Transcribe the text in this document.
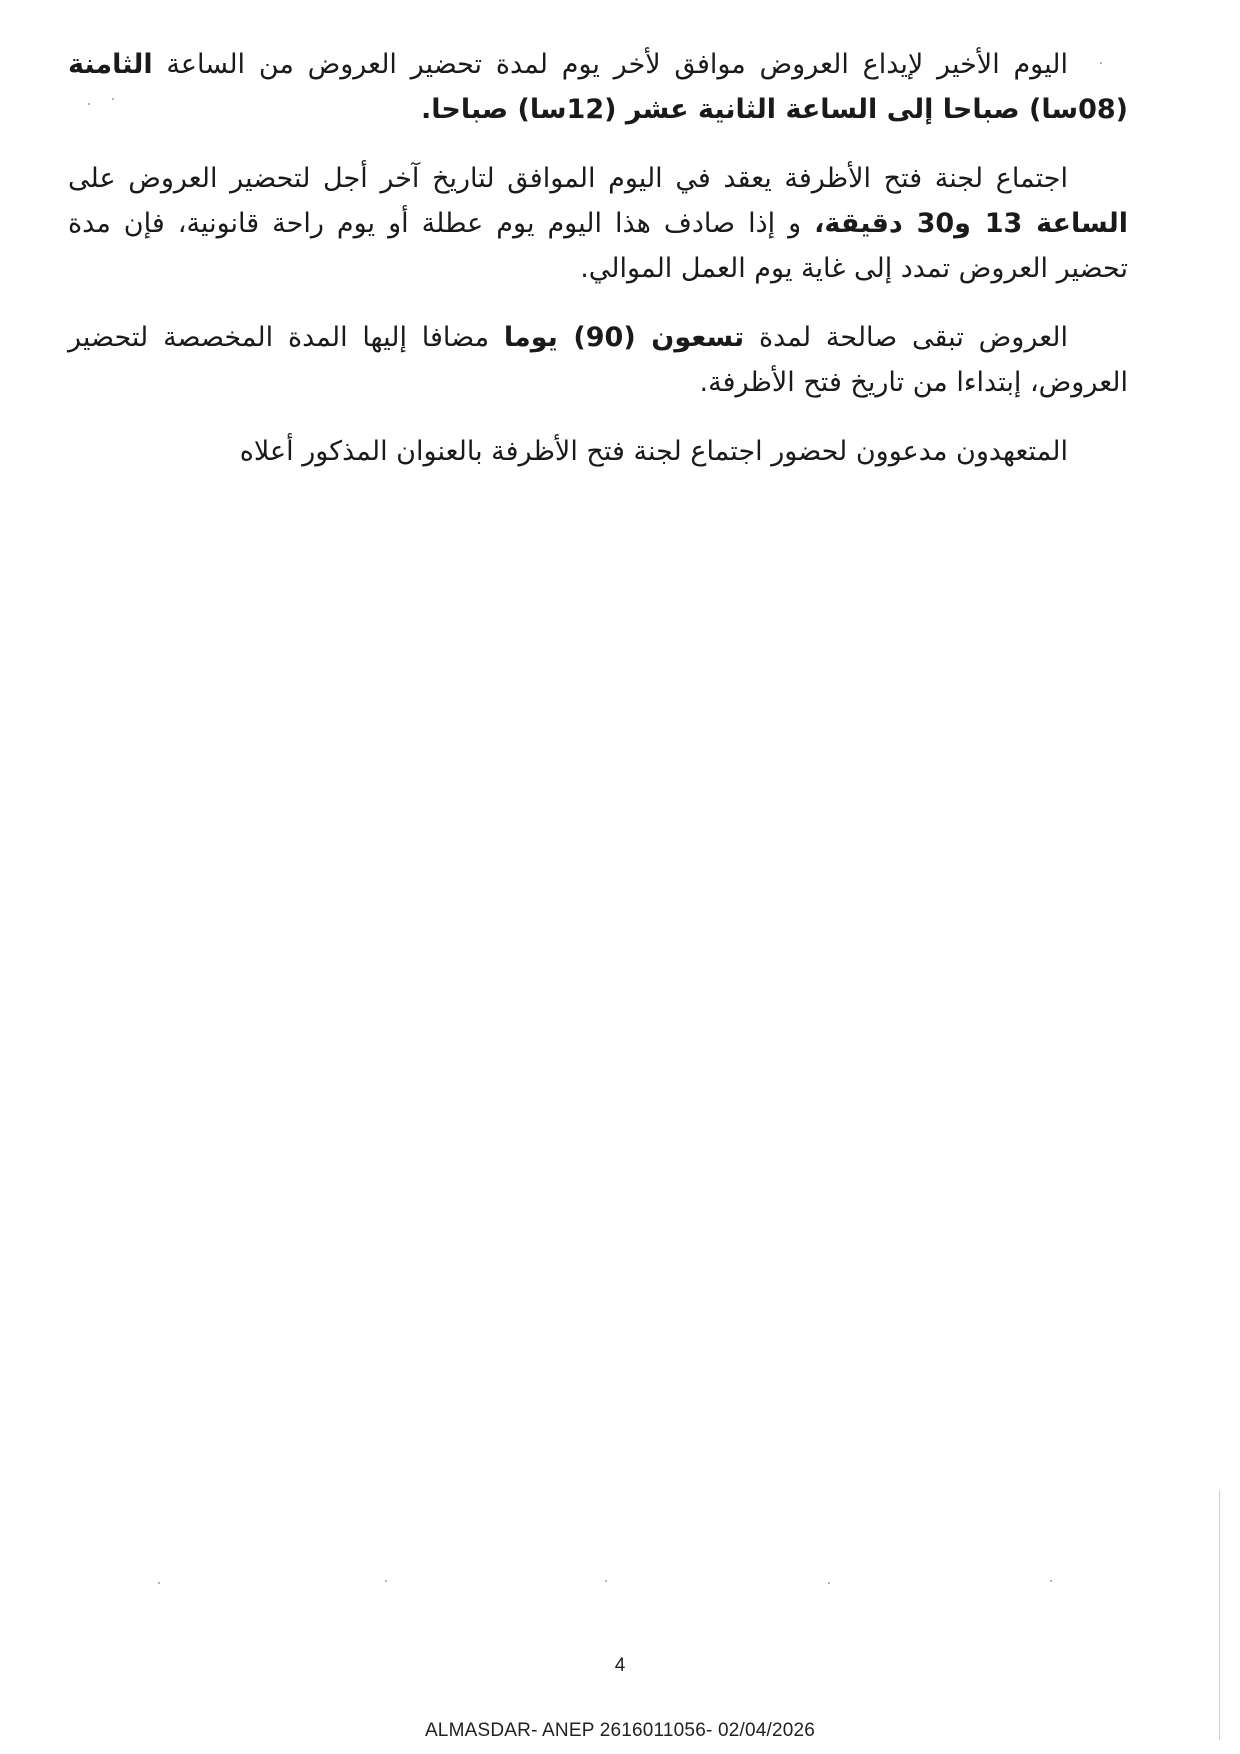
اليوم الأخير لإيداع العروض موافق لأخر يوم لمدة تحضير العروض من الساعة الثامنة (08سا) صباحا إلى الساعة الثانية عشر (12سا) صباحا.

اجتماع لجنة فتح الأظرفة يعقد في اليوم الموافق لتاريخ آخر أجل لتحضير العروض على الساعة 13 و30 دقيقة، و إذا صادف هذا اليوم يوم عطلة أو يوم راحة قانونية، فإن مدة تحضير العروض تمدد إلى غاية يوم العمل الموالي.

العروض تبقى صالحة لمدة تسعون (90) يوما مضافا إليها المدة المخصصة لتحضير العروض، إبتداءا من تاريخ فتح الأظرفة.

المتعهدون مدعوون لحضور اجتماع لجنة فتح الأظرفة بالعنوان المذكور أعلاه

4
ALMASDAR- ANEP 2616011056- 02/04/2026
